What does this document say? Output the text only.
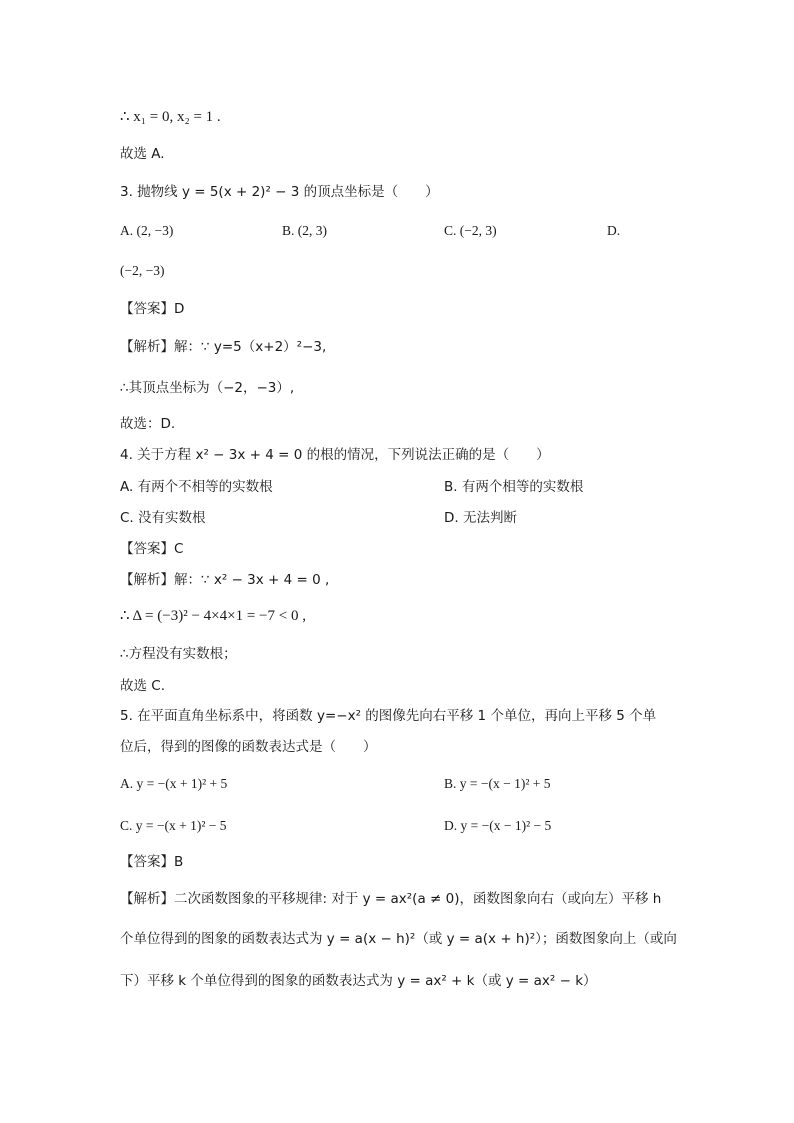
∴ x₁ = 0, x₂ = 1 .
故选 A.
3. 抛物线 y = 5(x + 2)² − 3 的顶点坐标是（　　）
A. (2, −3)	B. (2, 3)	C. (−2, 3)	D.
(−2, −3)
【答案】D
【解析】解：∵ y=5（x+2）²−3,
∴其顶点坐标为（−2，−3）,
故选：D.
4. 关于方程 x² − 3x + 4 = 0 的根的情况，下列说法正确的是（　　）
A. 有两个不相等的实数根	B. 有两个相等的实数根
C. 没有实数根	D. 无法判断
【答案】C
【解析】解：∵ x² − 3x + 4 = 0 ,
∴ Δ = (−3)² − 4×4×1 = −7 < 0 ,
∴方程没有实数根；
故选 C.
5. 在平面直角坐标系中，将函数 y=−x² 的图像先向右平移 1 个单位，再向上平移 5 个单
位后，得到的图像的函数表达式是（　　）
A. y = −(x + 1)² + 5	B. y = −(x − 1)² + 5
C. y = −(x + 1)² − 5	D. y = −(x − 1)² − 5
【答案】B
【解析】二次函数图象的平移规律: 对于 y = ax²(a ≠ 0)，函数图象向右（或向左）平移 h
个单位得到的图象的函数表达式为 y = a(x − h)²（或 y = a(x + h)²）；函数图象向上（或向
下）平移 k 个单位得到的图象的函数表达式为 y = ax² + k（或 y = ax² − k）
